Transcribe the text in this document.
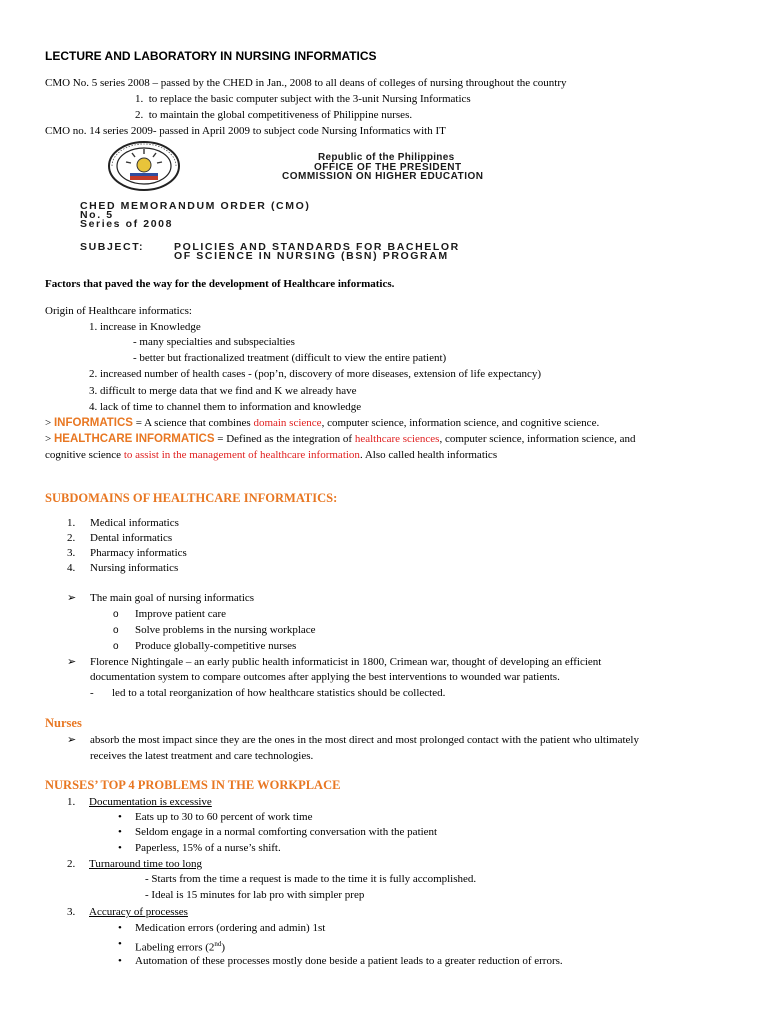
LECTURE AND LABORATORY IN NURSING INFORMATICS
CMO No. 5 series 2008 – passed by the CHED in Jan., 2008 to all deans of colleges of nursing throughout the country
1. to replace the basic computer subject with the 3-unit Nursing Informatics
2. to maintain the global competitiveness of Philippine nurses.
CMO no. 14 series 2009- passed in April 2009 to subject code Nursing Informatics with IT
Republic of the Philippines
OFFICE OF THE PRESIDENT
COMMISSION ON HIGHER EDUCATION
CHED MEMORANDUM ORDER (CMO)
No. 5
Series of 2008
SUBJECT:	POLICIES AND STANDARDS FOR BACHELOR
OF SCIENCE IN NURSING (BSN) PROGRAM
Factors that paved the way for the development of Healthcare informatics.
Origin of Healthcare informatics:
1. increase in Knowledge
- many specialties and subspecialties
- better but fractionalized treatment (difficult to view the entire patient)
2. increased number of health cases - (pop’n, discovery of more diseases, extension of life expectancy)
3. difficult to merge data that we find and K we already have
4. lack of time to channel them to information and knowledge
> INFORMATICS = A science that combines domain science, computer science, information science, and cognitive science.
> HEALTHCARE INFORMATICS = Defined as the integration of healthcare sciences, computer science, information science, and
cognitive science to assist in the management of healthcare information. Also called health informatics
SUBDOMAINS OF HEALTHCARE INFORMATICS:
1. Medical informatics
2. Dental informatics
3. Pharmacy informatics
4. Nursing informatics
➢ The main goal of nursing informatics
o Improve patient care
o Solve problems in the nursing workplace
o Produce globally-competitive nurses
➢ Florence Nightingale – an early public health informaticist in 1800, Crimean war, thought of developing an efficient
documentation system to compare outcomes after applying the best interventions to wounded war patients.
- led to a total reorganization of how healthcare statistics should be collected.
Nurses
➢ absorb the most impact since they are the ones in the most direct and most prolonged contact with the patient who ultimately
receives the latest treatment and care technologies.
NURSES’ TOP 4 PROBLEMS IN THE WORKPLACE
1. Documentation is excessive
• Eats up to 30 to 60 percent of work time
• Seldom engage in a normal comforting conversation with the patient
• Paperless, 15% of a nurse’s shift.
2. Turnaround time too long
- Starts from the time a request is made to the time it is fully accomplished.
- Ideal is 15 minutes for lab pro with simpler prep
3. Accuracy of processes
• Medication errors (ordering and admin) 1st
• Labeling errors (2nd)
• Automation of these processes mostly done beside a patient leads to a greater reduction of errors.
